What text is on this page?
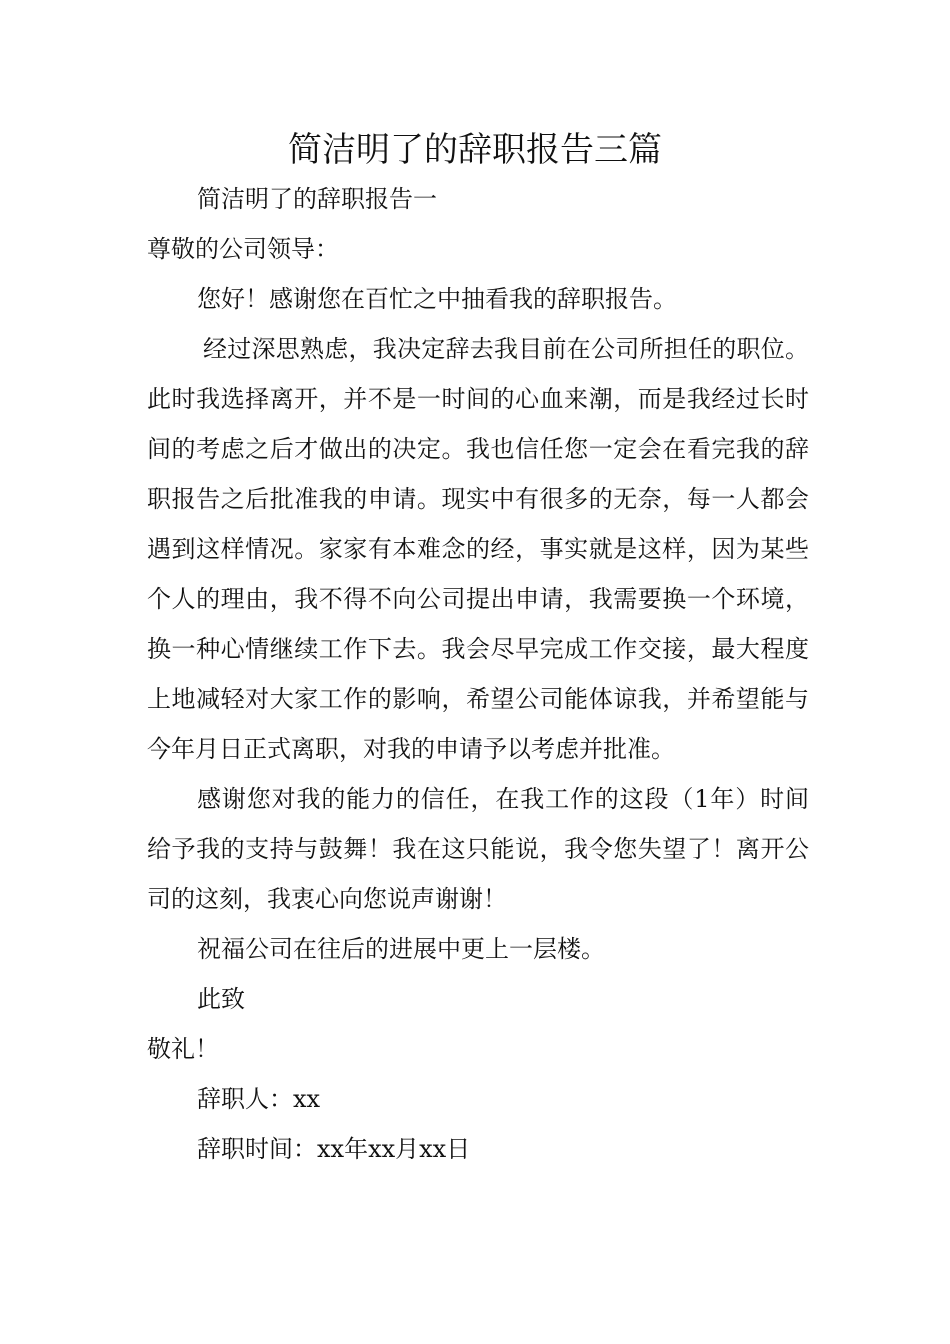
简洁明了的辞职报告三篇

简洁明了的辞职报告一

尊敬的公司领导：

您好！感谢您在百忙之中抽看我的辞职报告。

经过深思熟虑，我决定辞去我目前在公司所担任的职位。此时我选择离开，并不是一时间的心血来潮，而是我经过长时间的考虑之后才做出的决定。我也信任您一定会在看完我的辞职报告之后批准我的申请。现实中有很多的无奈，每一人都会遇到这样情况。家家有本难念的经，事实就是这样，因为某些个人的理由，我不得不向公司提出申请，我需要换一个环境，换一种心情继续工作下去。我会尽早完成工作交接，最大程度上地减轻对大家工作的影响，希望公司能体谅我，并希望能与今年月日正式离职，对我的申请予以考虑并批准。

感谢您对我的能力的信任，在我工作的这段（1年）时间给予我的支持与鼓舞！我在这只能说，我令您失望了！离开公司的这刻，我衷心向您说声谢谢！

祝福公司在往后的进展中更上一层楼。

此致

敬礼！

辞职人：xx

辞职时间：xx年xx月xx日
